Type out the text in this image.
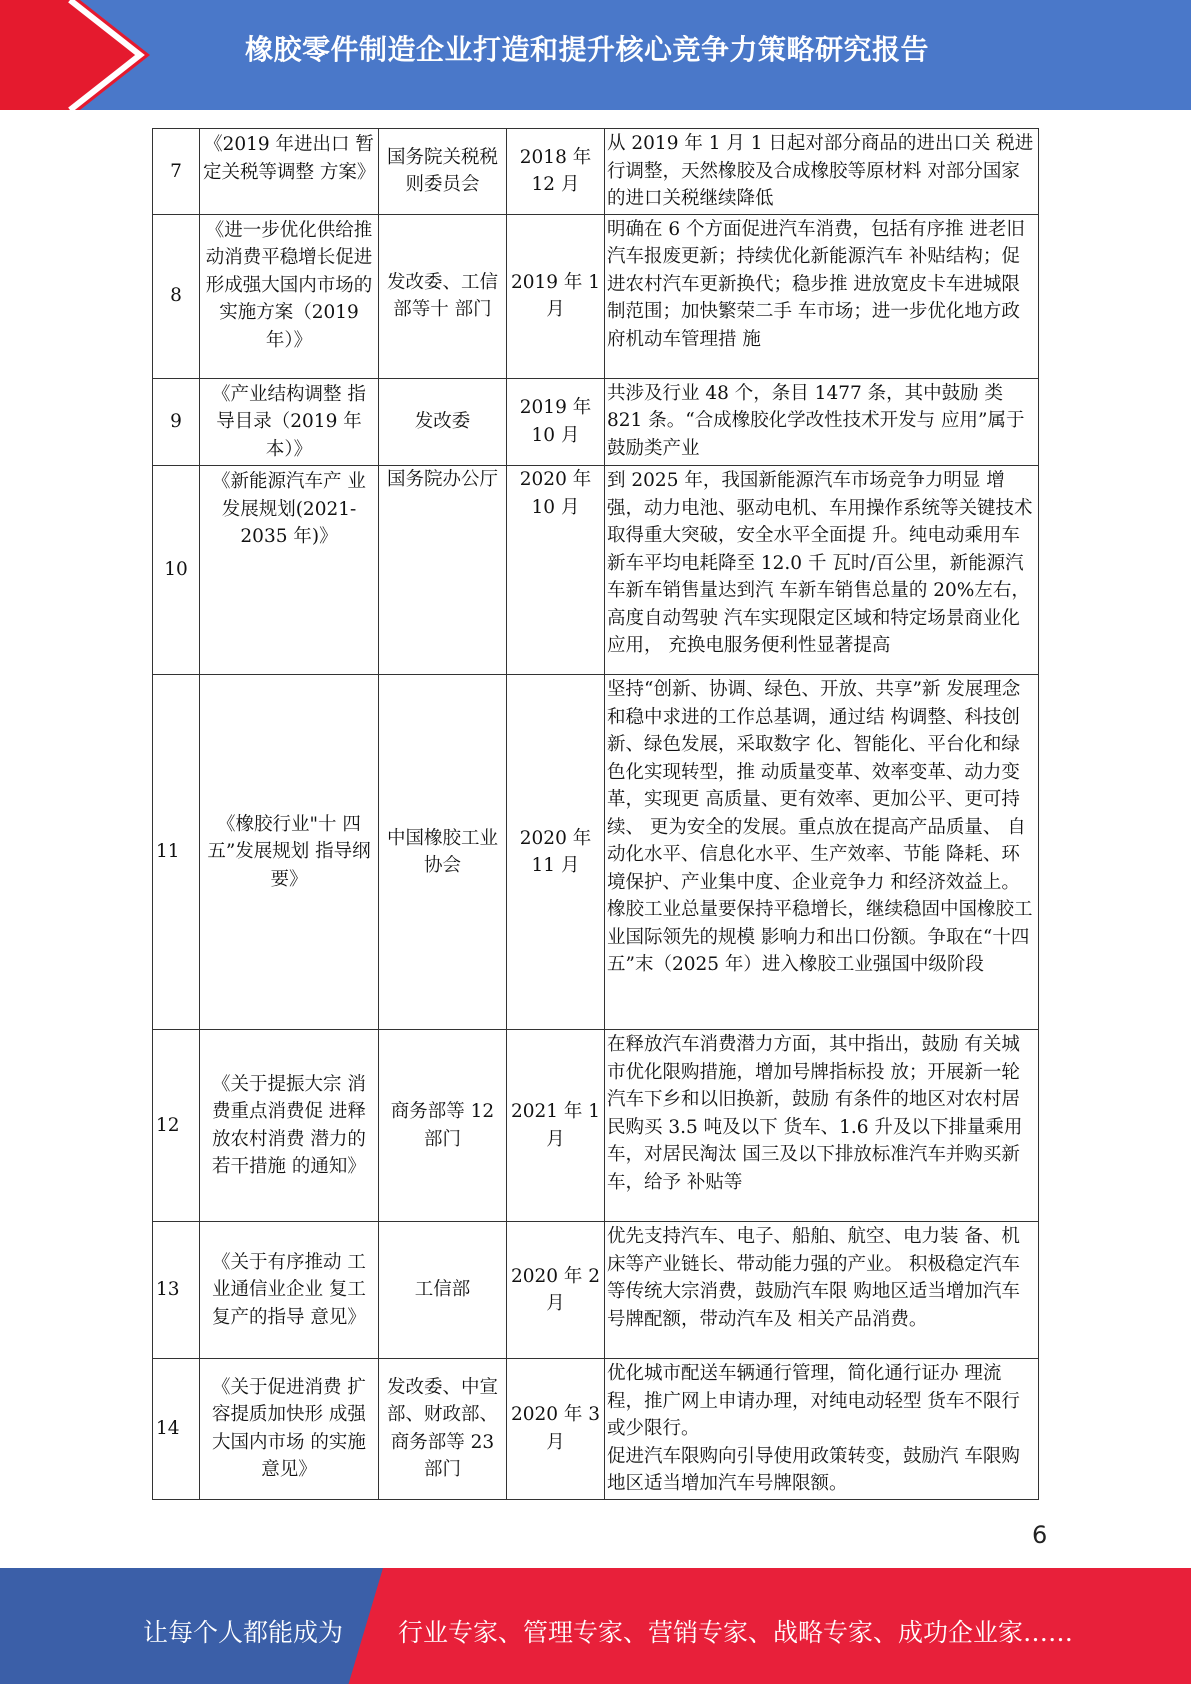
橡胶零件制造企业打造和提升核心竞争力策略研究报告
7	《2019 年进出口 暂定关税等调整 方案》	国务院关税税则委员会	2018 年 12 月	从 2019 年 1 月 1 日起对部分商品的进出口关 税进行调整，天然橡胶及合成橡胶等原材料 对部分国家的进口关税继续降低
8	《进一步优化供给推动消费平稳增长促进形成强大国内市场的实施方案（2019 年）》	发改委、工信部等十 部门	2019 年 1 月	明确在 6 个方面促进汽车消费，包括有序推 进老旧汽车报废更新；持续优化新能源汽车 补贴结构；促进农村汽车更新换代；稳步推 进放宽皮卡车进城限制范围；加快繁荣二手 车市场；进一步优化地方政府机动车管理措 施
9	《产业结构调整 指导目录（2019 年本）》	发改委	2019 年 10 月	共涉及行业 48 个，条目 1477 条，其中鼓励 类 821 条。“合成橡胶化学改性技术开发与 应用”属于鼓励类产业
10	《新能源汽车产 业发展规划(2021-2035 年)》	国务院办公厅	2020 年 10 月	到 2025 年，我国新能源汽车市场竞争力明显 增强，动力电池、驱动电机、车用操作系统等关键技术取得重大突破，安全水平全面提 升。纯电动乘用车新车平均电耗降至 12.0 千 瓦时/百公里，新能源汽车新车销售量达到汽 车新车销售总量的 20%左右，高度自动驾驶 汽车实现限定区域和特定场景商业化应用， 充换电服务便利性显著提高
11	《橡胶行业"十 四五”发展规划 指导纲要》	中国橡胶工业协会	2020 年 11 月	坚持“创新、协调、绿色、开放、共享”新 发展理念和稳中求进的工作总基调，通过结 构调整、科技创新、绿色发展，采取数字 化、智能化、平台化和绿色化实现转型，推 动质量变革、效率变革、动力变革，实现更 高质量、更有效率、更加公平、更可持续、 更为安全的发展。重点放在提高产品质量、 自动化水平、信息化水平、生产效率、节能 降耗、环境保护、产业集中度、企业竞争力 和经济效益上。橡胶工业总量要保持平稳增长，继续稳固中国橡胶工业国际领先的规模 影响力和出口份额。争取在“十四五”末（2025 年）进入橡胶工业强国中级阶段
12	《关于提振大宗 消费重点消费促 进释放农村消费 潜力的若干措施 的通知》	商务部等 12 部门	2021 年 1 月	在释放汽车消费潜力方面，其中指出，鼓励 有关城市优化限购措施，增加号牌指标投 放；开展新一轮汽车下乡和以旧换新，鼓励 有条件的地区对农村居民购买 3.5 吨及以下 货车、1.6 升及以下排量乘用车，对居民淘汰 国三及以下排放标准汽车并购买新车，给予 补贴等
13	《关于有序推动 工业通信业企业 复工复产的指导 意见》	工信部	2020 年 2 月	优先支持汽车、电子、船舶、航空、电力装 备、机床等产业链长、带动能力强的产业。 积极稳定汽车等传统大宗消费，鼓励汽车限 购地区适当增加汽车号牌配额，带动汽车及 相关产品消费。
14	《关于促进消费 扩容提质加快形 成强大国内市场 的实施意见》	发改委、中宣部、财政部、商务部等 23 部门	2020 年 3 月	优化城市配送车辆通行管理，简化通行证办 理流程，推广网上申请办理，对纯电动轻型 货车不限行或少限行。
促进汽车限购向引导使用政策转变，鼓励汽 车限购地区适当增加汽车号牌限额。
6
让每个人都能成为 行业专家、管理专家、营销专家、战略专家、成功企业家……
